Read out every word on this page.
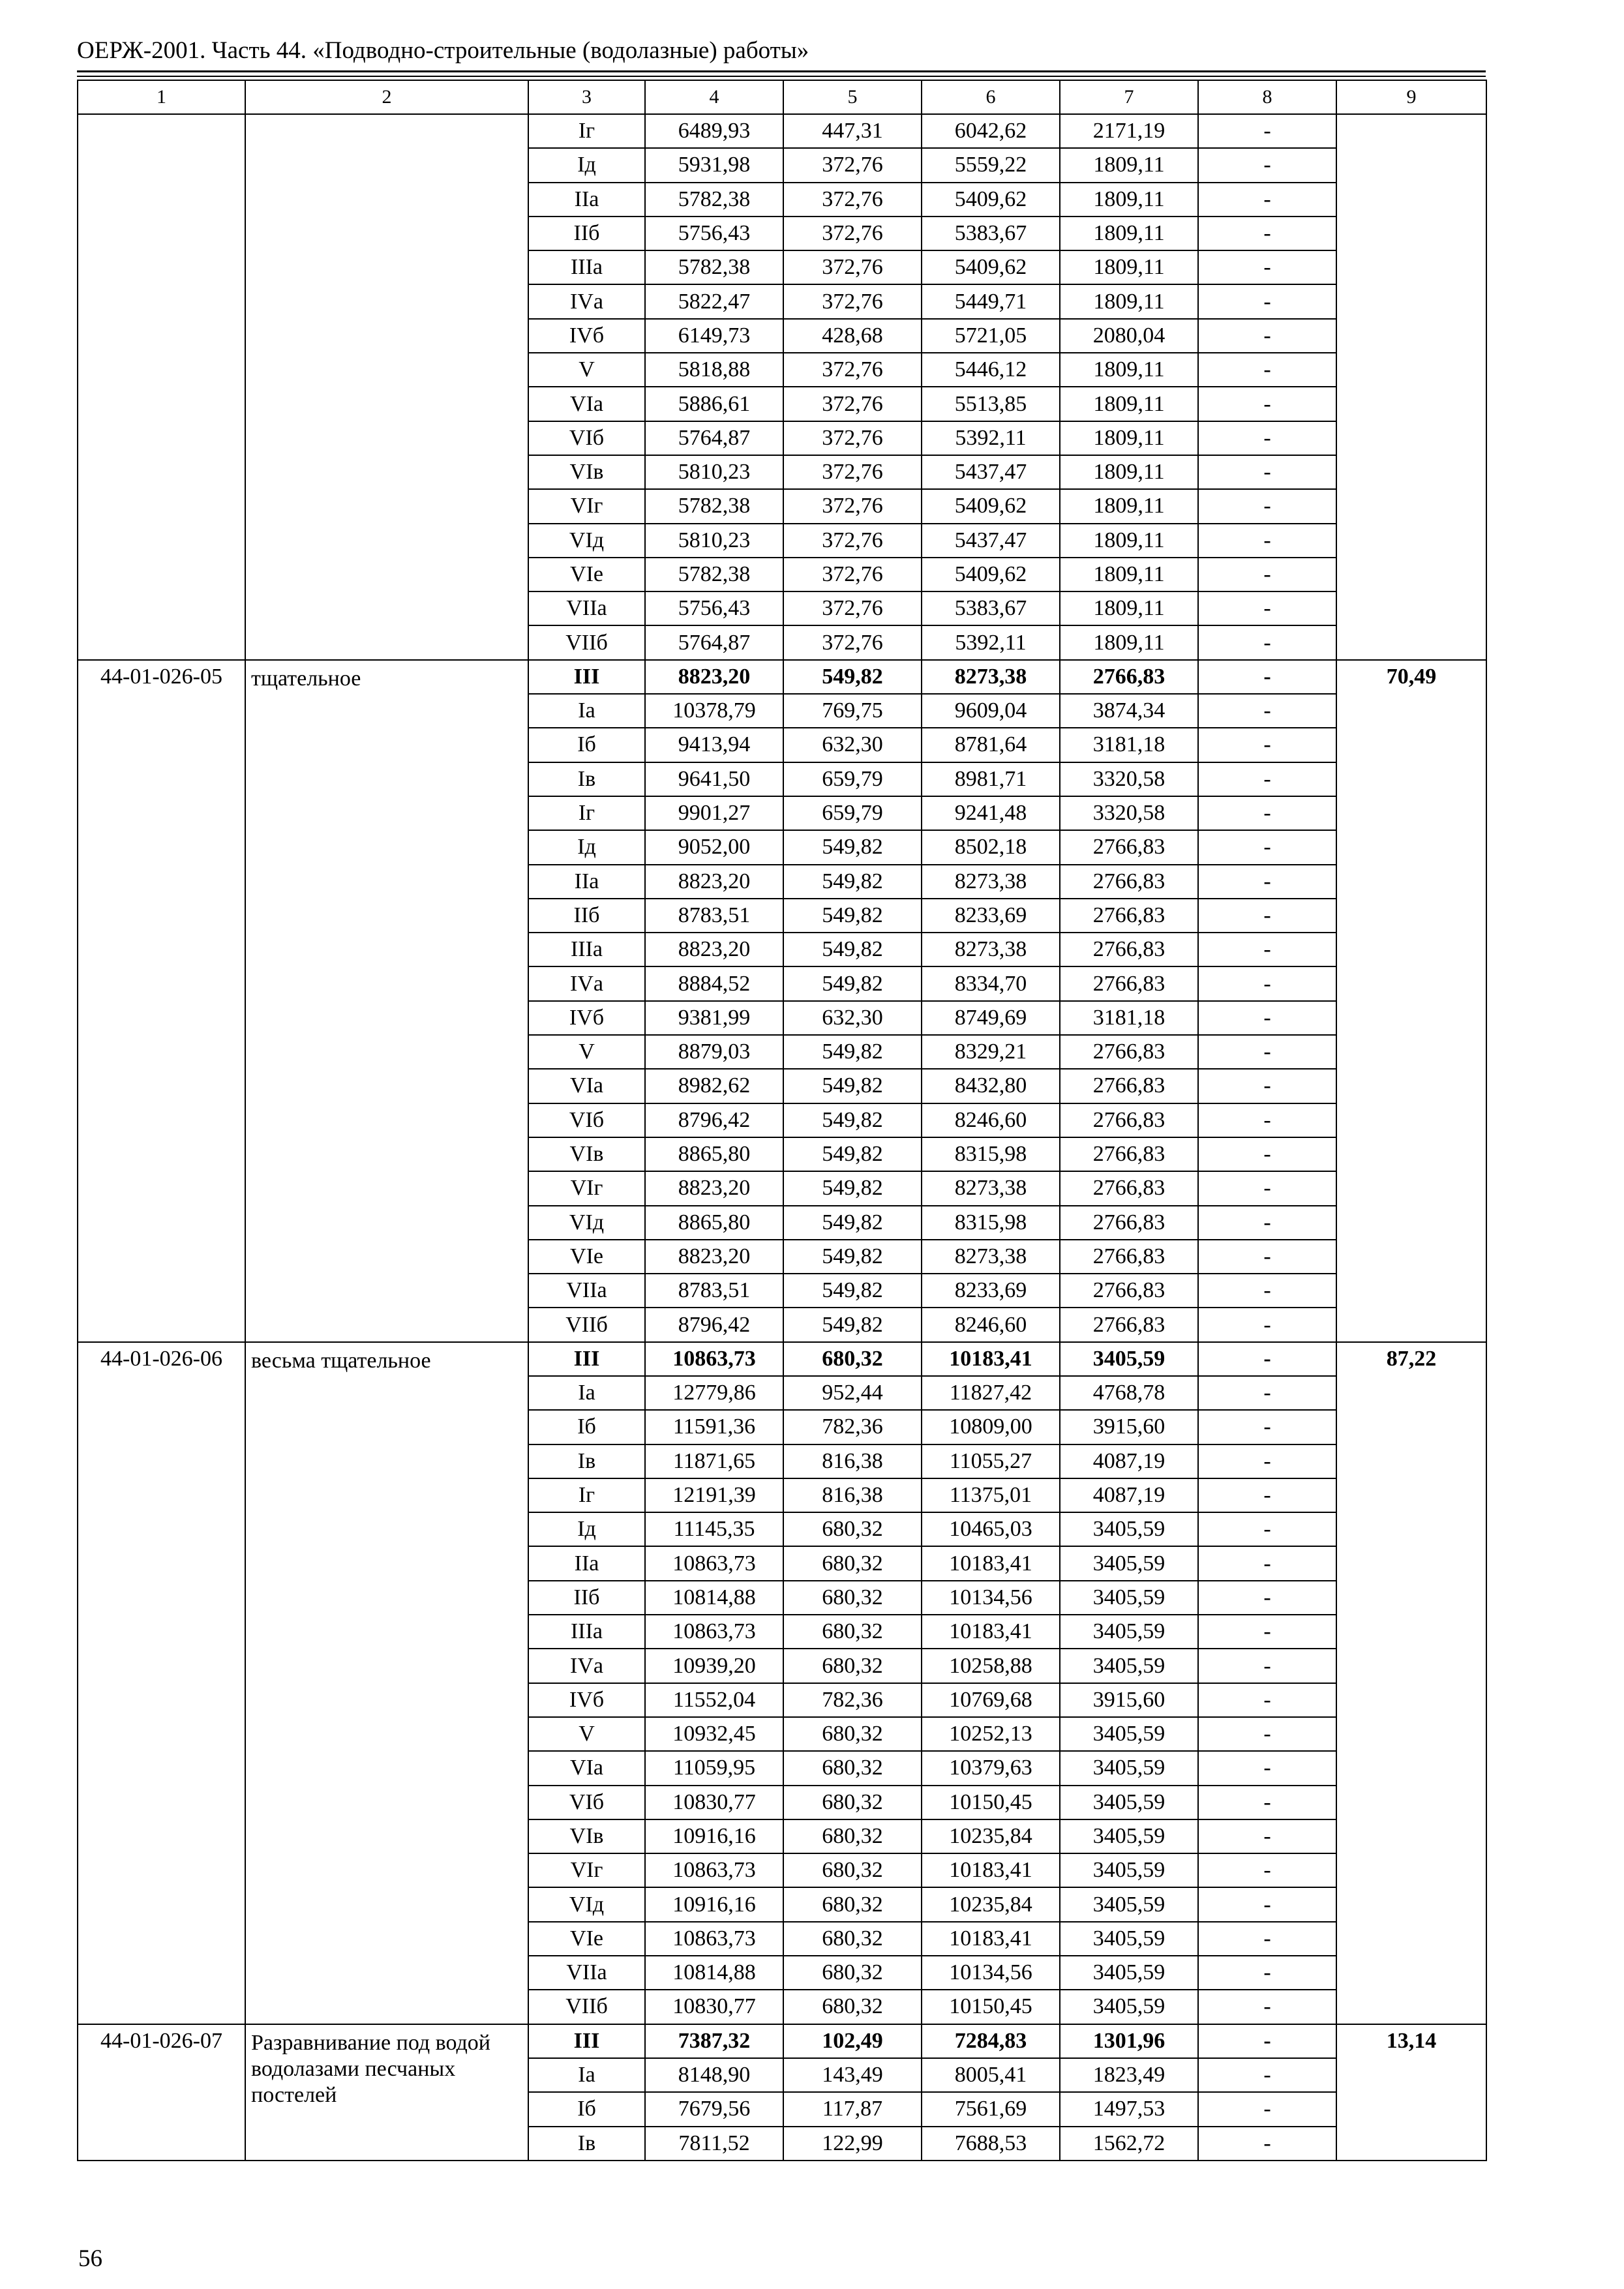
ОЕРЖ-2001. Часть 44. «Подводно-строительные (водолазные) работы»
1	2	3	4	5	6	7	8	9
		Iг	6489,93	447,31	6042,62	2171,19	-	
		Iд	5931,98	372,76	5559,22	1809,11	-	
		IIа	5782,38	372,76	5409,62	1809,11	-	
		IIб	5756,43	372,76	5383,67	1809,11	-	
		IIIа	5782,38	372,76	5409,62	1809,11	-	
		IVа	5822,47	372,76	5449,71	1809,11	-	
		IVб	6149,73	428,68	5721,05	2080,04	-	
		V	5818,88	372,76	5446,12	1809,11	-	
		VIа	5886,61	372,76	5513,85	1809,11	-	
		VIб	5764,87	372,76	5392,11	1809,11	-	
		VIв	5810,23	372,76	5437,47	1809,11	-	
		VIг	5782,38	372,76	5409,62	1809,11	-	
		VIд	5810,23	372,76	5437,47	1809,11	-	
		VIе	5782,38	372,76	5409,62	1809,11	-	
		VIIа	5756,43	372,76	5383,67	1809,11	-	
		VIIб	5764,87	372,76	5392,11	1809,11	-	
44-01-026-05	тщательное	III	8823,20	549,82	8273,38	2766,83	-	70,49
		Iа	10378,79	769,75	9609,04	3874,34	-	
		Iб	9413,94	632,30	8781,64	3181,18	-	
		Iв	9641,50	659,79	8981,71	3320,58	-	
		Iг	9901,27	659,79	9241,48	3320,58	-	
		Iд	9052,00	549,82	8502,18	2766,83	-	
		IIа	8823,20	549,82	8273,38	2766,83	-	
		IIб	8783,51	549,82	8233,69	2766,83	-	
		IIIа	8823,20	549,82	8273,38	2766,83	-	
		IVа	8884,52	549,82	8334,70	2766,83	-	
		IVб	9381,99	632,30	8749,69	3181,18	-	
		V	8879,03	549,82	8329,21	2766,83	-	
		VIа	8982,62	549,82	8432,80	2766,83	-	
		VIб	8796,42	549,82	8246,60	2766,83	-	
		VIв	8865,80	549,82	8315,98	2766,83	-	
		VIг	8823,20	549,82	8273,38	2766,83	-	
		VIд	8865,80	549,82	8315,98	2766,83	-	
		VIе	8823,20	549,82	8273,38	2766,83	-	
		VIIа	8783,51	549,82	8233,69	2766,83	-	
		VIIб	8796,42	549,82	8246,60	2766,83	-	
44-01-026-06	весьма тщательное	III	10863,73	680,32	10183,41	3405,59	-	87,22
		Iа	12779,86	952,44	11827,42	4768,78	-	
		Iб	11591,36	782,36	10809,00	3915,60	-	
		Iв	11871,65	816,38	11055,27	4087,19	-	
		Iг	12191,39	816,38	11375,01	4087,19	-	
		Iд	11145,35	680,32	10465,03	3405,59	-	
		IIа	10863,73	680,32	10183,41	3405,59	-	
		IIб	10814,88	680,32	10134,56	3405,59	-	
		IIIа	10863,73	680,32	10183,41	3405,59	-	
		IVа	10939,20	680,32	10258,88	3405,59	-	
		IVб	11552,04	782,36	10769,68	3915,60	-	
		V	10932,45	680,32	10252,13	3405,59	-	
		VIа	11059,95	680,32	10379,63	3405,59	-	
		VIб	10830,77	680,32	10150,45	3405,59	-	
		VIв	10916,16	680,32	10235,84	3405,59	-	
		VIг	10863,73	680,32	10183,41	3405,59	-	
		VIд	10916,16	680,32	10235,84	3405,59	-	
		VIе	10863,73	680,32	10183,41	3405,59	-	
		VIIа	10814,88	680,32	10134,56	3405,59	-	
		VIIб	10830,77	680,32	10150,45	3405,59	-	
44-01-026-07	Разравнивание под водой водолазами песчаных постелей	III	7387,32	102,49	7284,83	1301,96	-	13,14
		Iа	8148,90	143,49	8005,41	1823,49	-	
		Iб	7679,56	117,87	7561,69	1497,53	-	
		Iв	7811,52	122,99	7688,53	1562,72	-	
56
